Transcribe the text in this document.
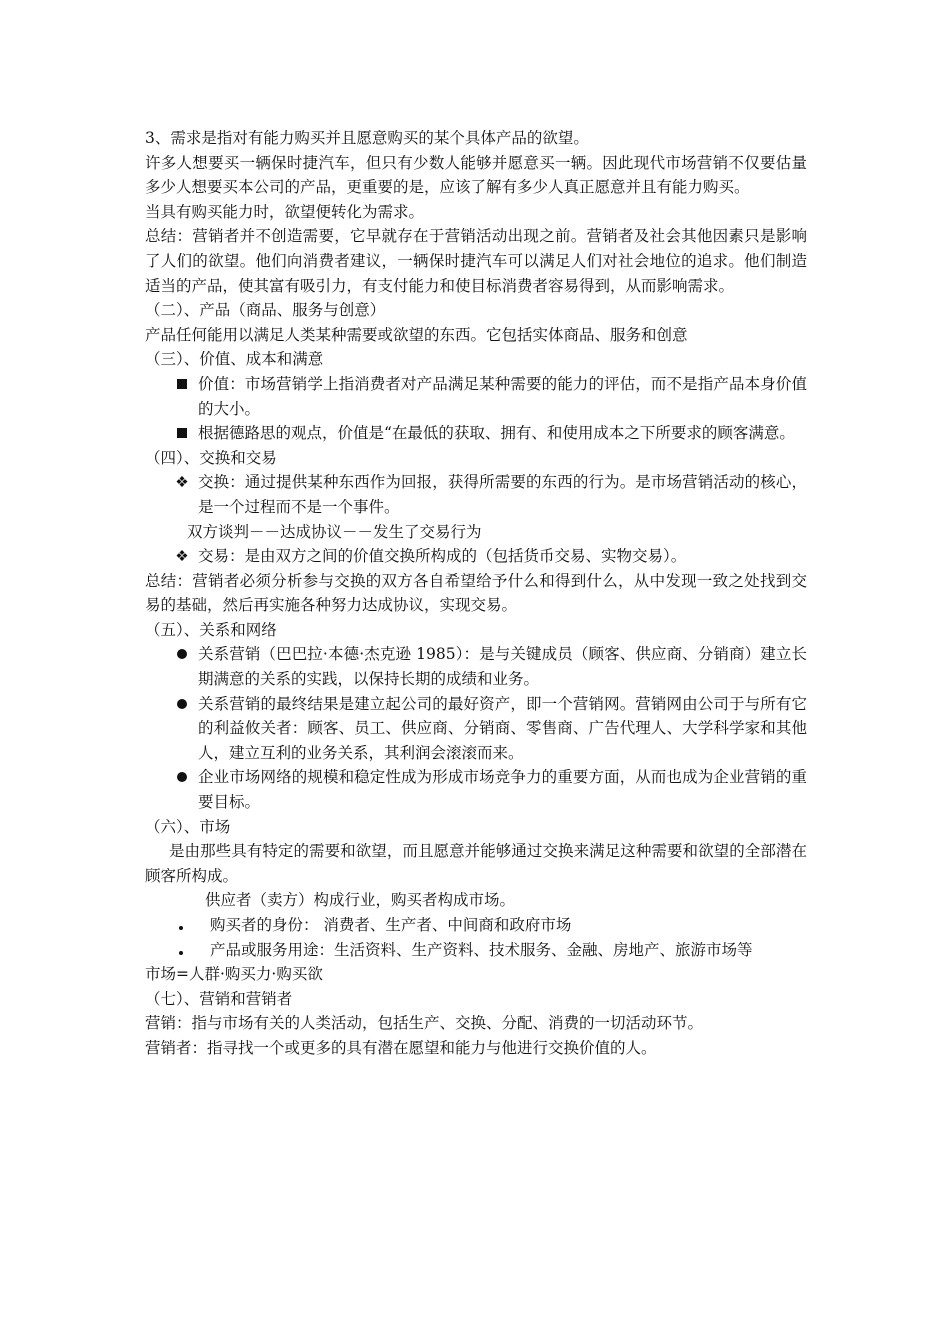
3、需求是指对有能力购买并且愿意购买的某个具体产品的欲望。

许多人想要买一辆保时捷汽车，但只有少数人能够并愿意买一辆。因此现代市场营销不仅要估量多少人想要买本公司的产品，更重要的是，应该了解有多少人真正愿意并且有能力购买。

当具有购买能力时，欲望便转化为需求。

总结：营销者并不创造需要，它早就存在于营销活动出现之前。营销者及社会其他因素只是影响了人们的欲望。他们向消费者建议，一辆保时捷汽车可以满足人们对社会地位的追求。他们制造适当的产品，使其富有吸引力，有支付能力和使目标消费者容易得到，从而影响需求。

（二）、产品（商品、服务与创意）

产品任何能用以满足人类某种需要或欲望的东西。它包括实体商品、服务和创意

（三）、价值、成本和满意

价值：市场营销学上指消费者对产品满足某种需要的能力的评估，而不是指产品本身价值的大小。
根据德路思的观点，价值是“在最低的获取、拥有、和使用成本之下所要求的顾客满意。

（四）、交换和交易

❖ 交换：通过提供某种东西作为回报，获得所需要的东西的行为。是市场营销活动的核心，是一个过程而不是一个事件。

双方谈判－－达成协议－－发生了交易行为

❖ 交易：是由双方之间的价值交换所构成的（包括货币交易、实物交易）。

总结：营销者必须分析参与交换的双方各自希望给予什么和得到什么，从中发现一致之处找到交易的基础，然后再实施各种努力达成协议，实现交易。

（五）、关系和网络

关系营销（巴巴拉·本德·杰克逊 1985）：是与关键成员（顾客、供应商、分销商）建立长期满意的关系的实践，以保持长期的成绩和业务。
关系营销的最终结果是建立起公司的最好资产，即一个营销网。营销网由公司于与所有它的利益攸关者：顾客、员工、供应商、分销商、零售商、广告代理人、大学科学家和其他人，建立互利的业务关系，其利润会滚滚而来。
企业市场网络的规模和稳定性成为形成市场竞争力的重要方面，从而也成为企业营销的重要目标。

（六）、市场

是由那些具有特定的需要和欲望，而且愿意并能够通过交换来满足这种需要和欲望的全部潜在顾客所构成。

供应者（卖方）构成行业，购买者构成市场。

购买者的身份： 消费者、生产者、中间商和政府市场
产品或服务用途：生活资料、生产资料、技术服务、金融、房地产、旅游市场等

市场=人群·购买力·购买欲

（七）、营销和营销者

营销：指与市场有关的人类活动，包括生产、交换、分配、消费的一切活动环节。

营销者：指寻找一个或更多的具有潜在愿望和能力与他进行交换价值的人。
